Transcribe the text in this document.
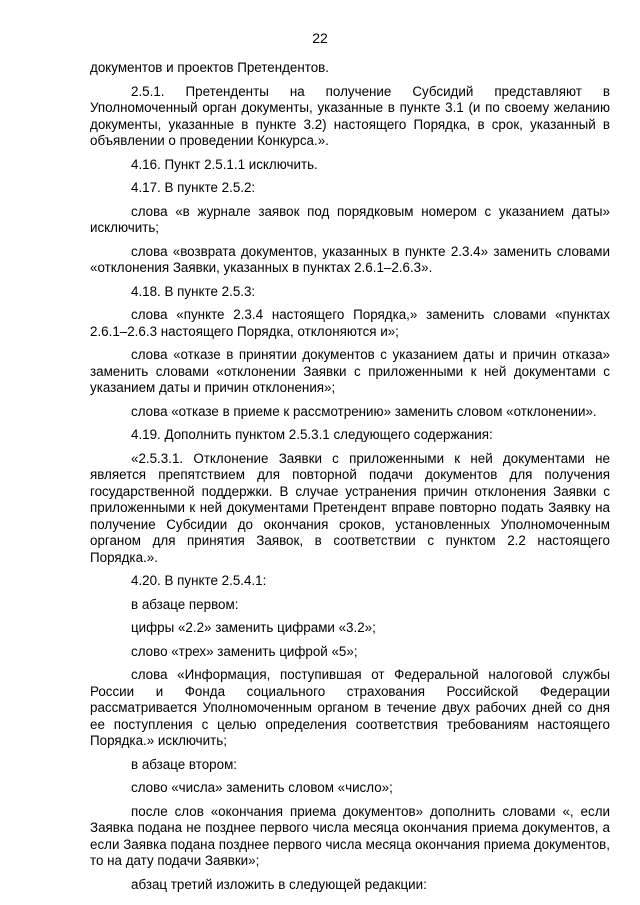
22

документов и проектов Претендентов.

2.5.1. Претенденты на получение Субсидий представляют в Уполномоченный орган документы, указанные в пункте 3.1 (и по своему желанию документы, указанные в пункте 3.2) настоящего Порядка, в срок, указанный в объявлении о проведении Конкурса.».

4.16. Пункт 2.5.1.1 исключить.

4.17. В пункте 2.5.2:

слова «в журнале заявок под порядковым номером с указанием даты» исключить;

слова «возврата документов, указанных в пункте 2.3.4» заменить словами «отклонения Заявки, указанных в пунктах 2.6.1–2.6.3».

4.18. В пункте 2.5.3:

слова «пункте 2.3.4 настоящего Порядка,» заменить словами «пунктах 2.6.1–2.6.3 настоящего Порядка, отклоняются и»;

слова «отказе в принятии документов с указанием даты и причин отказа» заменить словами «отклонении Заявки с приложенными к ней документами с указанием даты и причин отклонения»;

слова «отказе в приеме к рассмотрению» заменить словом «отклонении».

4.19. Дополнить пунктом 2.5.3.1 следующего содержания:

«2.5.3.1. Отклонение Заявки с приложенными к ней документами не является препятствием для повторной подачи документов для получения государственной поддержки. В случае устранения причин отклонения Заявки с приложенными к ней документами Претендент вправе повторно подать Заявку на получение Субсидии до окончания сроков, установленных Уполномоченным органом для принятия Заявок, в соответствии с пунктом 2.2 настоящего Порядка.».

4.20. В пункте 2.5.4.1:

в абзаце первом:

цифры «2.2» заменить цифрами «3.2»;

слово «трех» заменить цифрой «5»;

слова «Информация, поступившая от Федеральной налоговой службы России и Фонда социального страхования Российской Федерации рассматривается Уполномоченным органом в течение двух рабочих дней со дня ее поступления с целью определения соответствия требованиям настоящего Порядка.» исключить;

в абзаце втором:

слово «числа» заменить словом «число»;

после слов «окончания приема документов» дополнить словами «, если Заявка подана не позднее первого числа месяца окончания приема документов, а если Заявка подана позднее первого числа месяца окончания приема документов, то на дату подачи Заявки»;

абзац третий изложить в следующей редакции:
